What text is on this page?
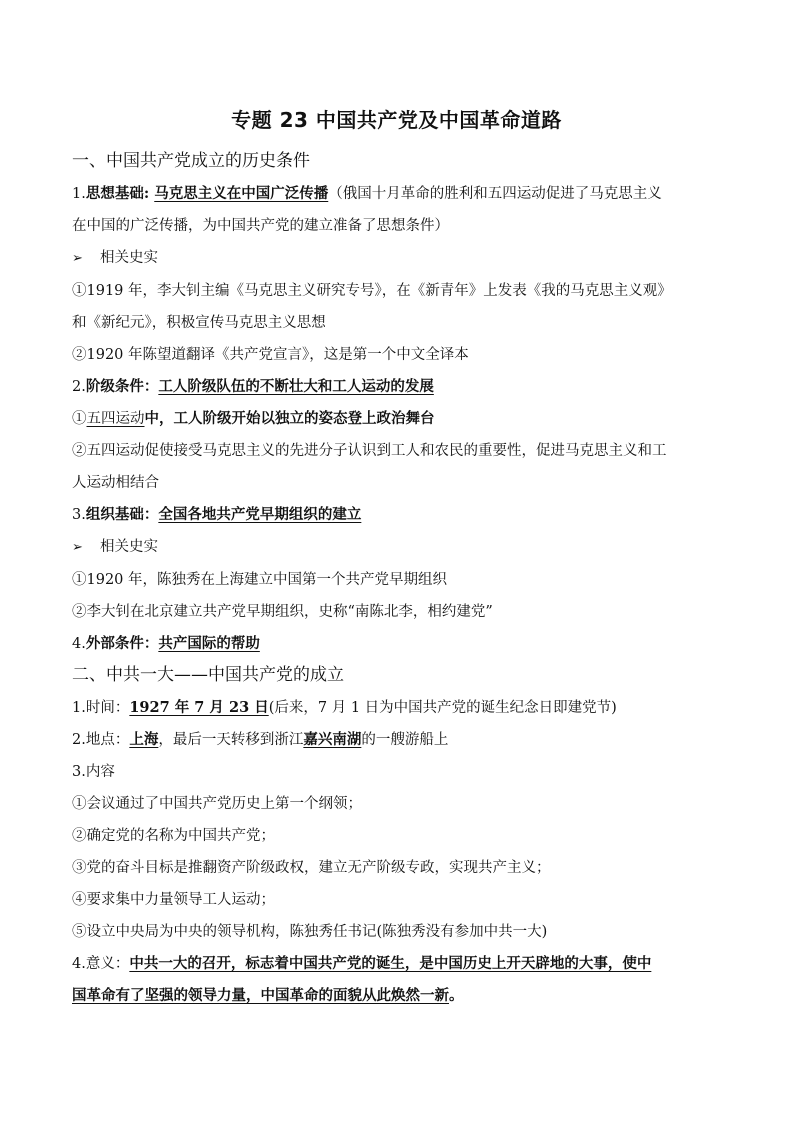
专题 23 中国共产党及中国革命道路
一、中国共产党成立的历史条件
1.思想基础: 马克思主义在中国广泛传播（俄国十月革命的胜利和五四运动促进了马克思主义
在中国的广泛传播，为中国共产党的建立准备了思想条件）
➢ 相关史实
①1919 年，李大钊主编《马克思主义研究专号》，在《新青年》上发表《我的马克思主义观》
和《新纪元》，积极宣传马克思主义思想
②1920 年陈望道翻译《共产党宣言》，这是第一个中文全译本
2.阶级条件：工人阶级队伍的不断壮大和工人运动的发展
①五四运动中，工人阶级开始以独立的姿态登上政治舞台
②五四运动促使接受马克思主义的先进分子认识到工人和农民的重要性，促进马克思主义和工
人运动相结合
3.组织基础：全国各地共产党早期组织的建立
➢ 相关史实
①1920 年，陈独秀在上海建立中国第一个共产党早期组织
②李大钊在北京建立共产党早期组织，史称“南陈北李，相约建党”
4.外部条件：共产国际的帮助
二、中共一大——中国共产党的成立
1.时间：1927 年 7 月 23 日(后来，7 月 1 日为中国共产党的诞生纪念日即建党节)
2.地点：上海，最后一天转移到浙江嘉兴南湖的一艘游船上
3.内容
①会议通过了中国共产党历史上第一个纲领；
②确定党的名称为中国共产党；
③党的奋斗目标是推翻资产阶级政权，建立无产阶级专政，实现共产主义；
④要求集中力量领导工人运动；
⑤设立中央局为中央的领导机构，陈独秀任书记(陈独秀没有参加中共一大)
4.意义：中共一大的召开，标志着中国共产党的诞生，是中国历史上开天辟地的大事，使中
国革命有了坚强的领导力量，中国革命的面貌从此焕然一新。
